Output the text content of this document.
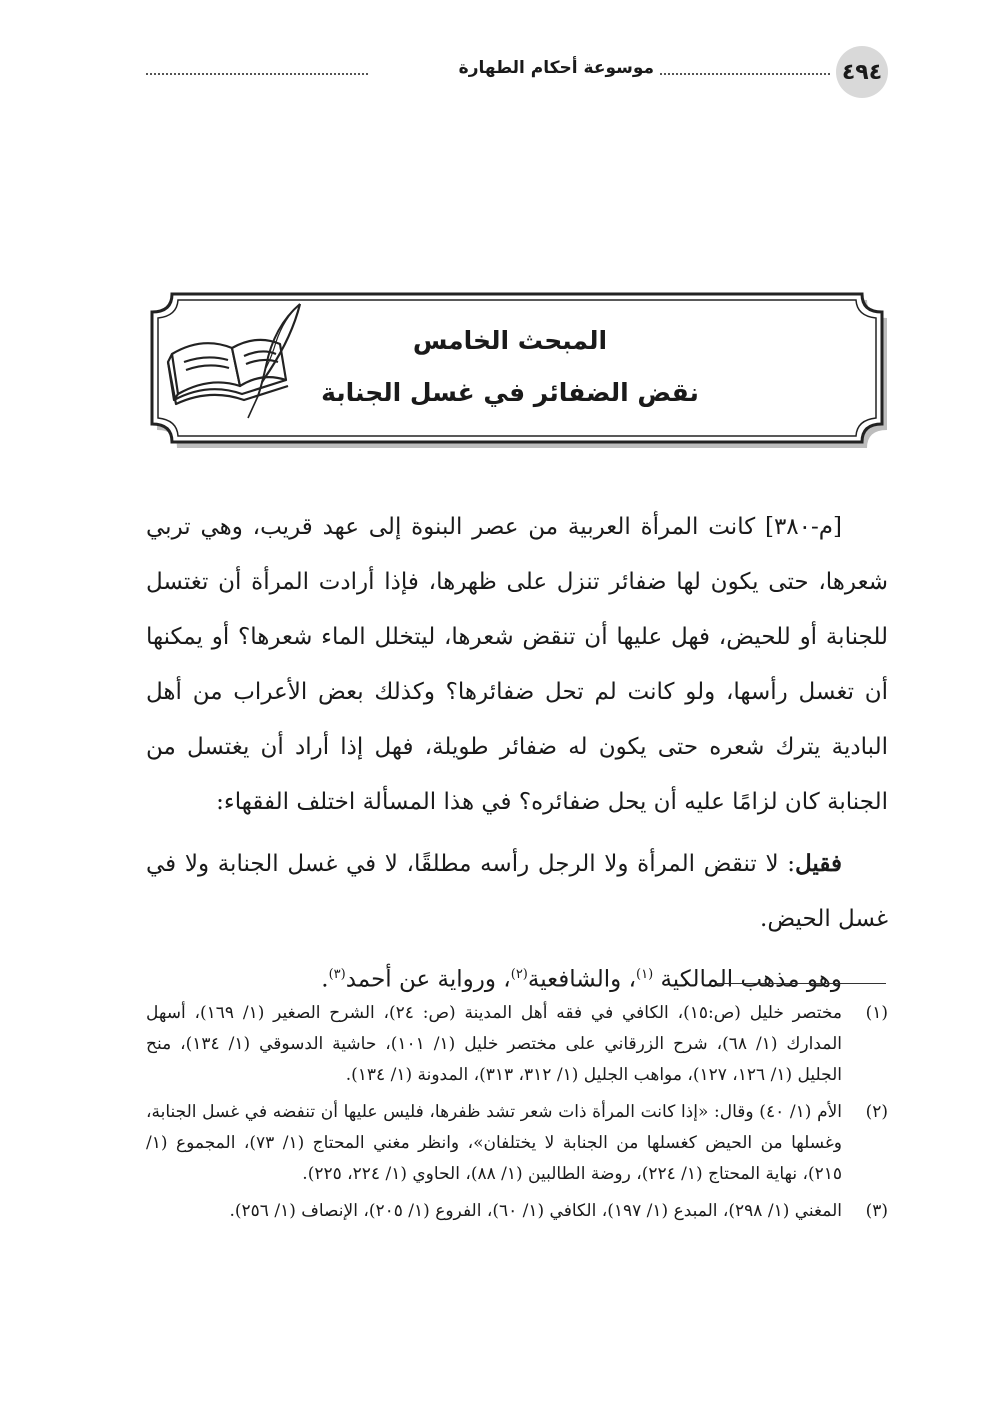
٤٩٤
موسوعة أحكام الطهارة
المبحث الخامس
نقض الضفائر في غسل الجنابة

[م-٣٨٠] كانت المرأة العربية من عصر البنوة إلى عهد قريب، وهي تربي شعرها، حتى يكون لها ضفائر تنزل على ظهرها، فإذا أرادت المرأة أن تغتسل للجنابة أو للحيض، فهل عليها أن تنقض شعرها، ليتخلل الماء شعرها؟ أو يمكنها أن تغسل رأسها، ولو كانت لم تحل ضفائرها؟ وكذلك بعض الأعراب من أهل البادية يترك شعره حتى يكون له ضفائر طويلة، فهل إذا أراد أن يغتسل من الجنابة كان لزامًا عليه أن يحل ضفائره؟ في هذا المسألة اختلف الفقهاء:

فقيل: لا تنقض المرأة ولا الرجل رأسه مطلقًا، لا في غسل الجنابة ولا في غسل الحيض.

وهو مذهب المالكية $^{(١)}$، والشافعية$^{(٢)}$، ورواية عن أحمد$^{(٣)}$.

(١)
مختصر خليل (ص:١٥)، الكافي في فقه أهل المدينة (ص: ٢٤)، الشرح الصغير (١/ ١٦٩)، أسهل المدارك (١/ ٦٨)، شرح الزرقاني على مختصر خليل (١/ ١٠١)، حاشية الدسوقي (١/ ١٣٤)، منح الجليل (١/ ١٢٦، ١٢٧)، مواهب الجليل (١/ ٣١٢، ٣١٣)، المدونة (١/ ١٣٤).
(٢)
الأم (١/ ٤٠) وقال: «إذا كانت المرأة ذات شعر تشد ظفرها، فليس عليها أن تنفضه في غسل الجنابة، وغسلها من الحيض كغسلها من الجنابة لا يختلفان»، وانظر مغني المحتاج (١/ ٧٣)، المجموع (١/ ٢١٥)، نهاية المحتاج (١/ ٢٢٤)، روضة الطالبين (١/ ٨٨)، الحاوي (١/ ٢٢٤، ٢٢٥).
(٣)
المغني (١/ ٢٩٨)، المبدع (١/ ١٩٧)، الكافي (١/ ٦٠)، الفروع (١/ ٢٠٥)، الإنصاف (١/ ٢٥٦).
